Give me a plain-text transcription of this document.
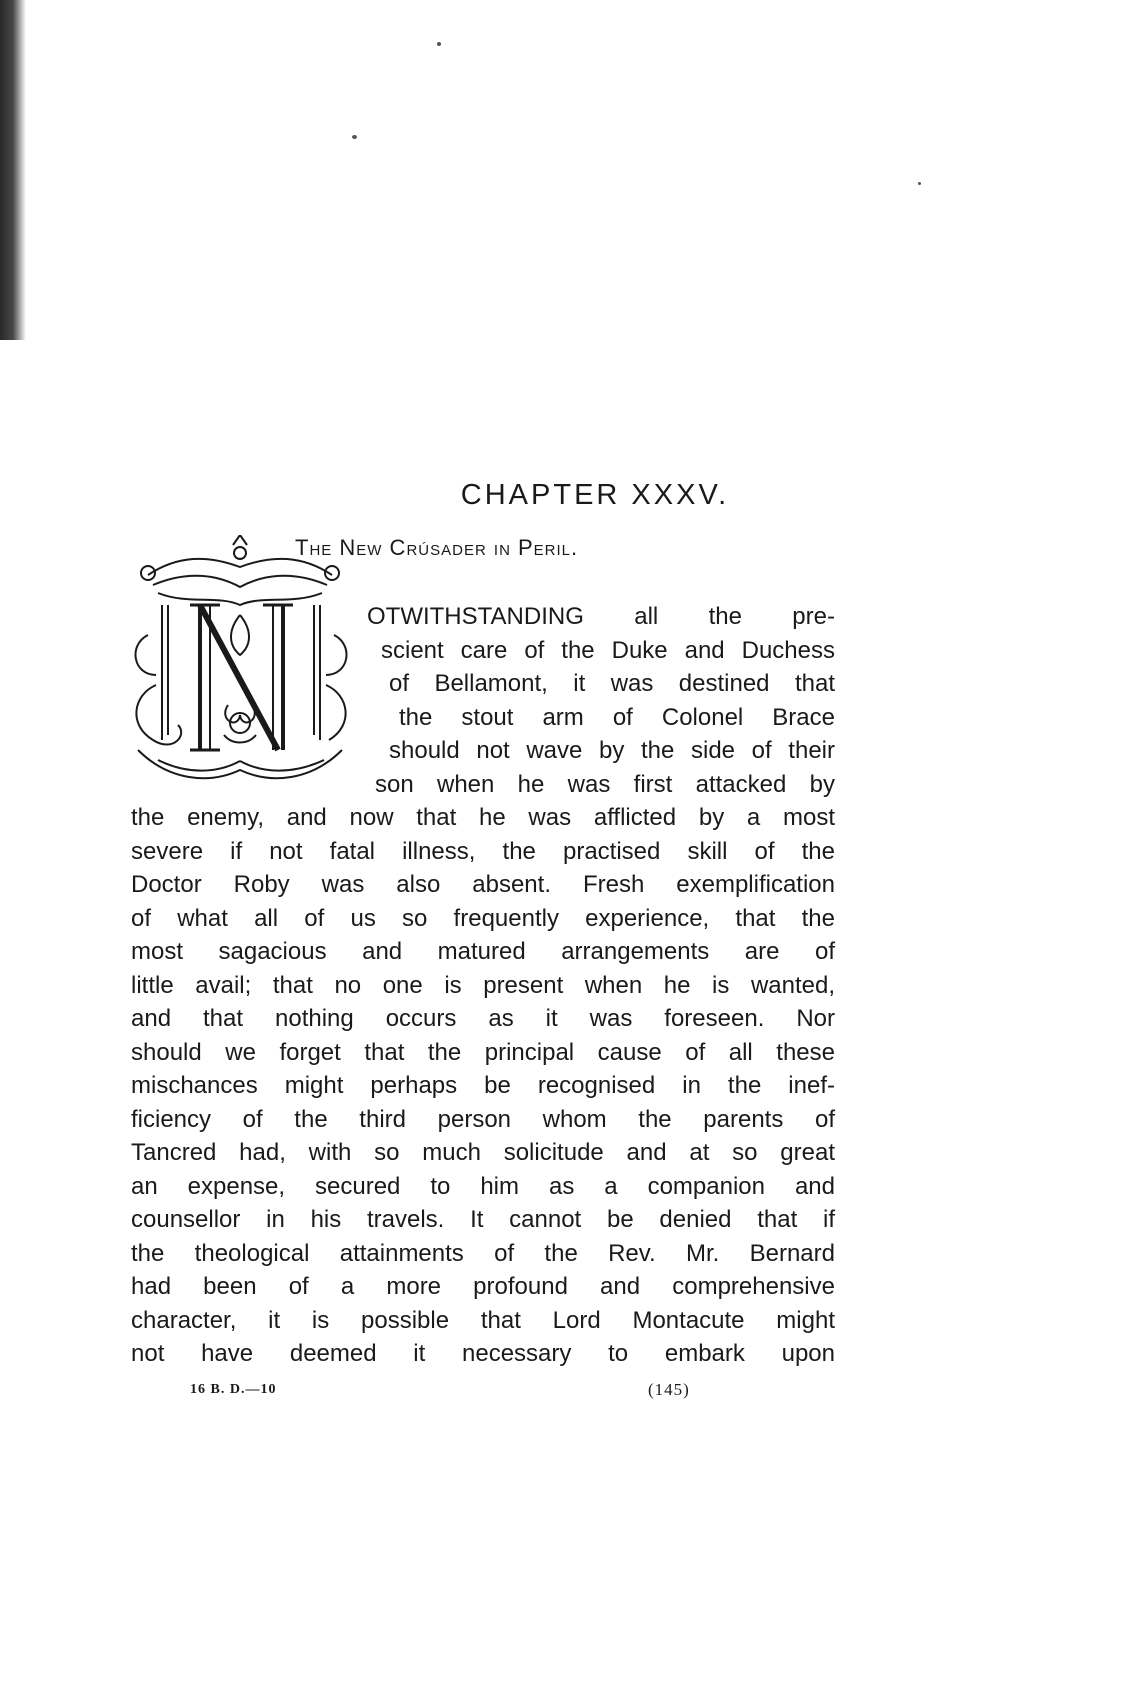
CHAPTER XXXV.
The New Crúsader in Peril.
OTWITHSTANDING all the pre-
scient care of the Duke and Duchess
of Bellamont, it was destined that
the stout arm of Colonel Brace
should not wave by the side of their
son when he was first attacked by
the enemy, and now that he was afflicted by a most
severe if not fatal illness, the practised skill of the
Doctor Roby was also absent. Fresh exemplification
of what all of us so frequently experience, that the
most sagacious and matured arrangements are of
little avail; that no one is present when he is wanted,
and that nothing occurs as it was foreseen. Nor
should we forget that the principal cause of all these
mischances might perhaps be recognised in the inef-
ficiency of the third person whom the parents of
Tancred had, with so much solicitude and at so great
an expense, secured to him as a companion and
counsellor in his travels. It cannot be denied that if
the theological attainments of the Rev. Mr. Bernard
had been of a more profound and comprehensive
character, it is possible that Lord Montacute might
not have deemed it necessary to embark upon
16 B. D.—10	(145)
